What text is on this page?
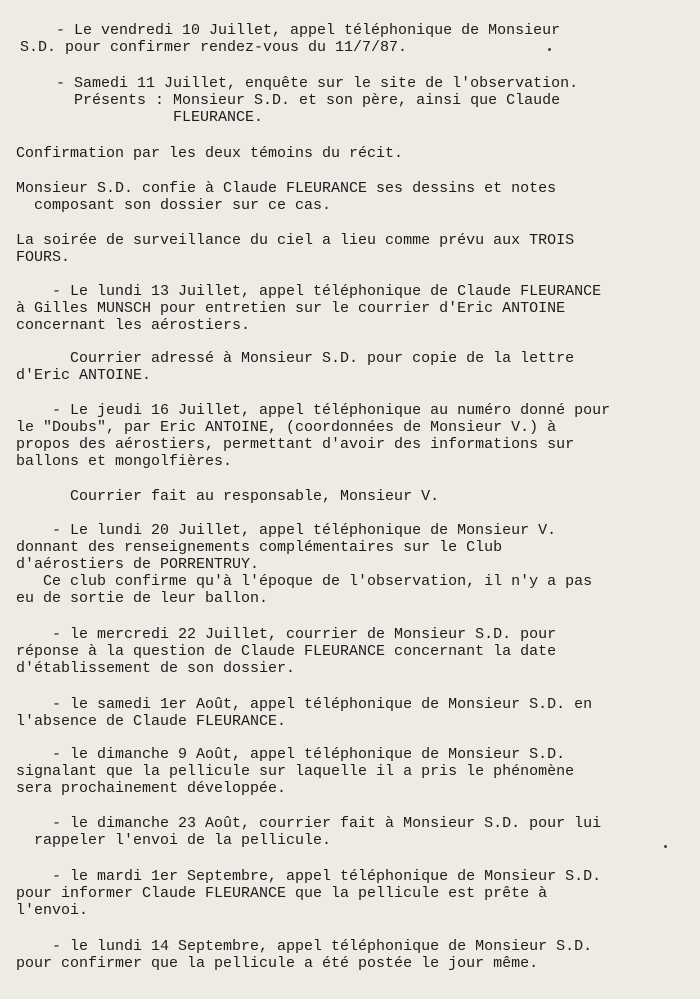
- Le vendredi 10 Juillet, appel téléphonique de Monsieur
S.D. pour confirmer rendez-vous du 11/7/87.
- Samedi 11 Juillet, enquête sur le site de l'observation.
Présents : Monsieur S.D. et son père, ainsi que Claude
FLEURANCE.
Confirmation par les deux témoins du récit.
Monsieur S.D. confie à Claude FLEURANCE ses dessins et notes
composant son dossier sur ce cas.
La soirée de surveillance du ciel a lieu comme prévu aux TROIS
FOURS.
- Le lundi 13 Juillet, appel téléphonique de Claude FLEURANCE
à Gilles MUNSCH pour entretien sur le courrier d'Eric ANTOINE
concernant les aérostiers.
Courrier adressé à Monsieur S.D. pour copie de la lettre
d'Eric ANTOINE.
- Le jeudi 16 Juillet, appel téléphonique au numéro donné pour
le "Doubs", par Eric ANTOINE, (coordonnées de Monsieur V.) à
propos des aérostiers, permettant d'avoir des informations sur
ballons et mongolfières.
Courrier fait au responsable, Monsieur V.
- Le lundi 20 Juillet, appel téléphonique de Monsieur V.
donnant des renseignements complémentaires sur le Club
d'aérostiers de PORRENTRUY.
Ce club confirme qu'à l'époque de l'observation, il n'y a pas
eu de sortie de leur ballon.
- le mercredi 22 Juillet, courrier de Monsieur S.D. pour
réponse à la question de Claude FLEURANCE concernant la date
d'établissement de son dossier.
- le samedi 1er Août, appel téléphonique de Monsieur S.D. en
l'absence de Claude FLEURANCE.
- le dimanche 9 Août, appel téléphonique de Monsieur S.D.
signalant que la pellicule sur laquelle il a pris le phénomène
sera prochainement développée.
- le dimanche 23 Août, courrier fait à Monsieur S.D. pour lui
rappeler l'envoi de la pellicule.
- le mardi 1er Septembre, appel téléphonique de Monsieur S.D.
pour informer Claude FLEURANCE que la pellicule est prête à
l'envoi.
- le lundi 14 Septembre, appel téléphonique de Monsieur S.D.
pour confirmer que la pellicule a été postée le jour même.
